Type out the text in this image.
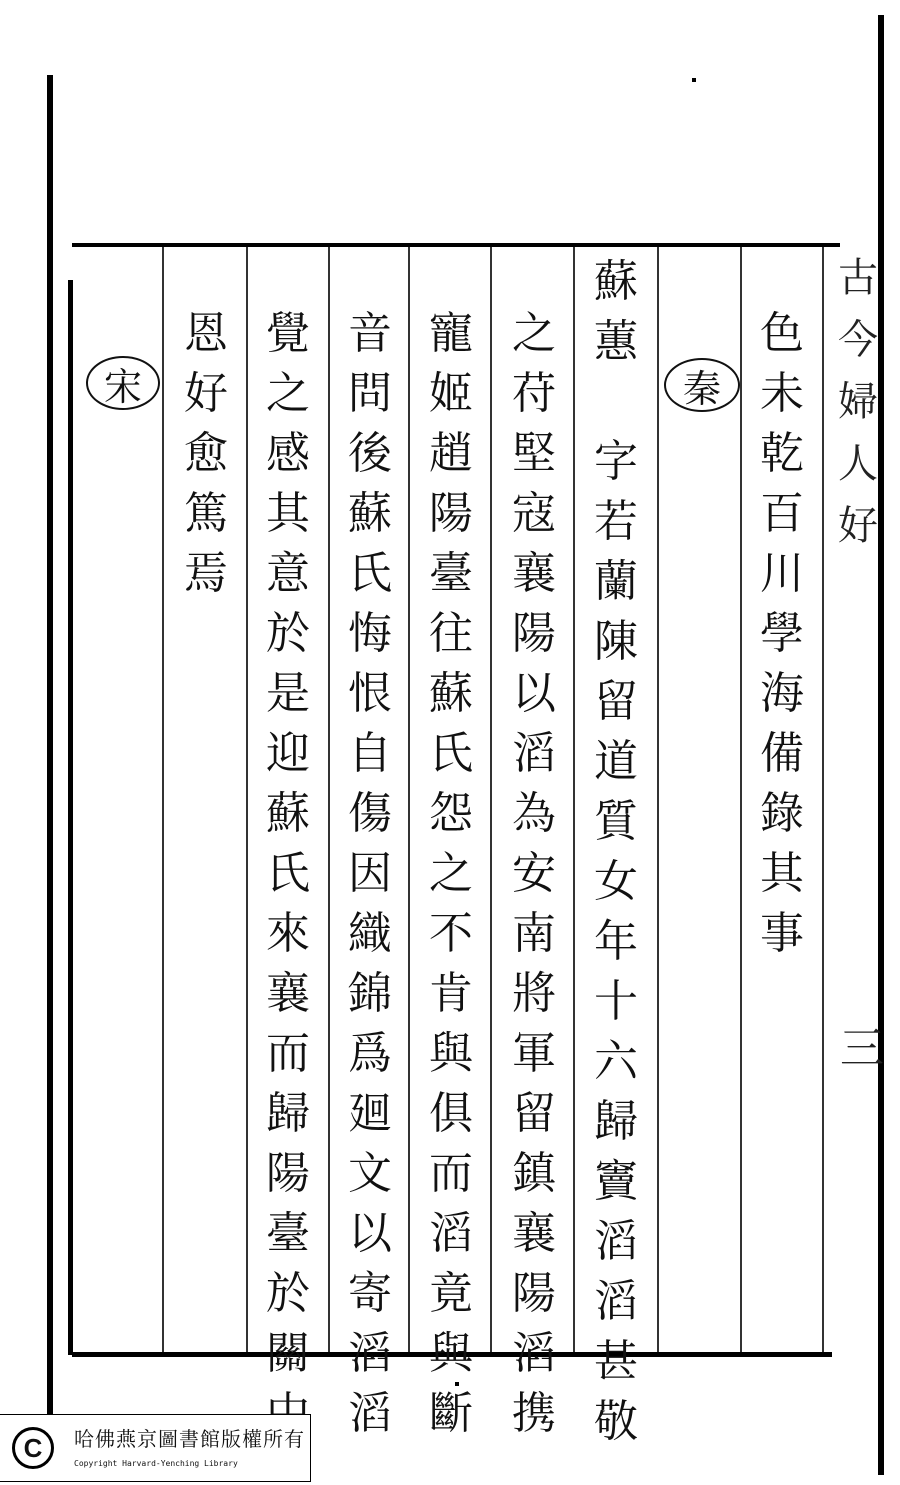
古
今
婦
人
好
三
色
未
乾
百
川
學
海
備
錄
其
事
秦
蘇
蕙

字
若
蘭
陳
留
道
質
女
年
十
六
歸
竇
滔
滔
甚
敬
之
苻
堅
寇
襄
陽
以
滔
為
安
南
將
軍
留
鎮
襄
陽
滔
携
寵
姬
趙
陽
臺
往
蘇
氏
怨
之
不
肯
與
俱
而
滔
竟
與
斷
音
問
後
蘇
氏
悔
恨
自
傷
因
織
錦
爲
廻
文
以
寄
滔
滔
覺
之
感
其
意
於
是
迎
蘇
氏
來
襄
而
歸
陽
臺
於
關
恩
好
愈
篤
焉
宋
C	哈佛燕京圖書館版權所有
Copyright Harvard-Yenching Library
